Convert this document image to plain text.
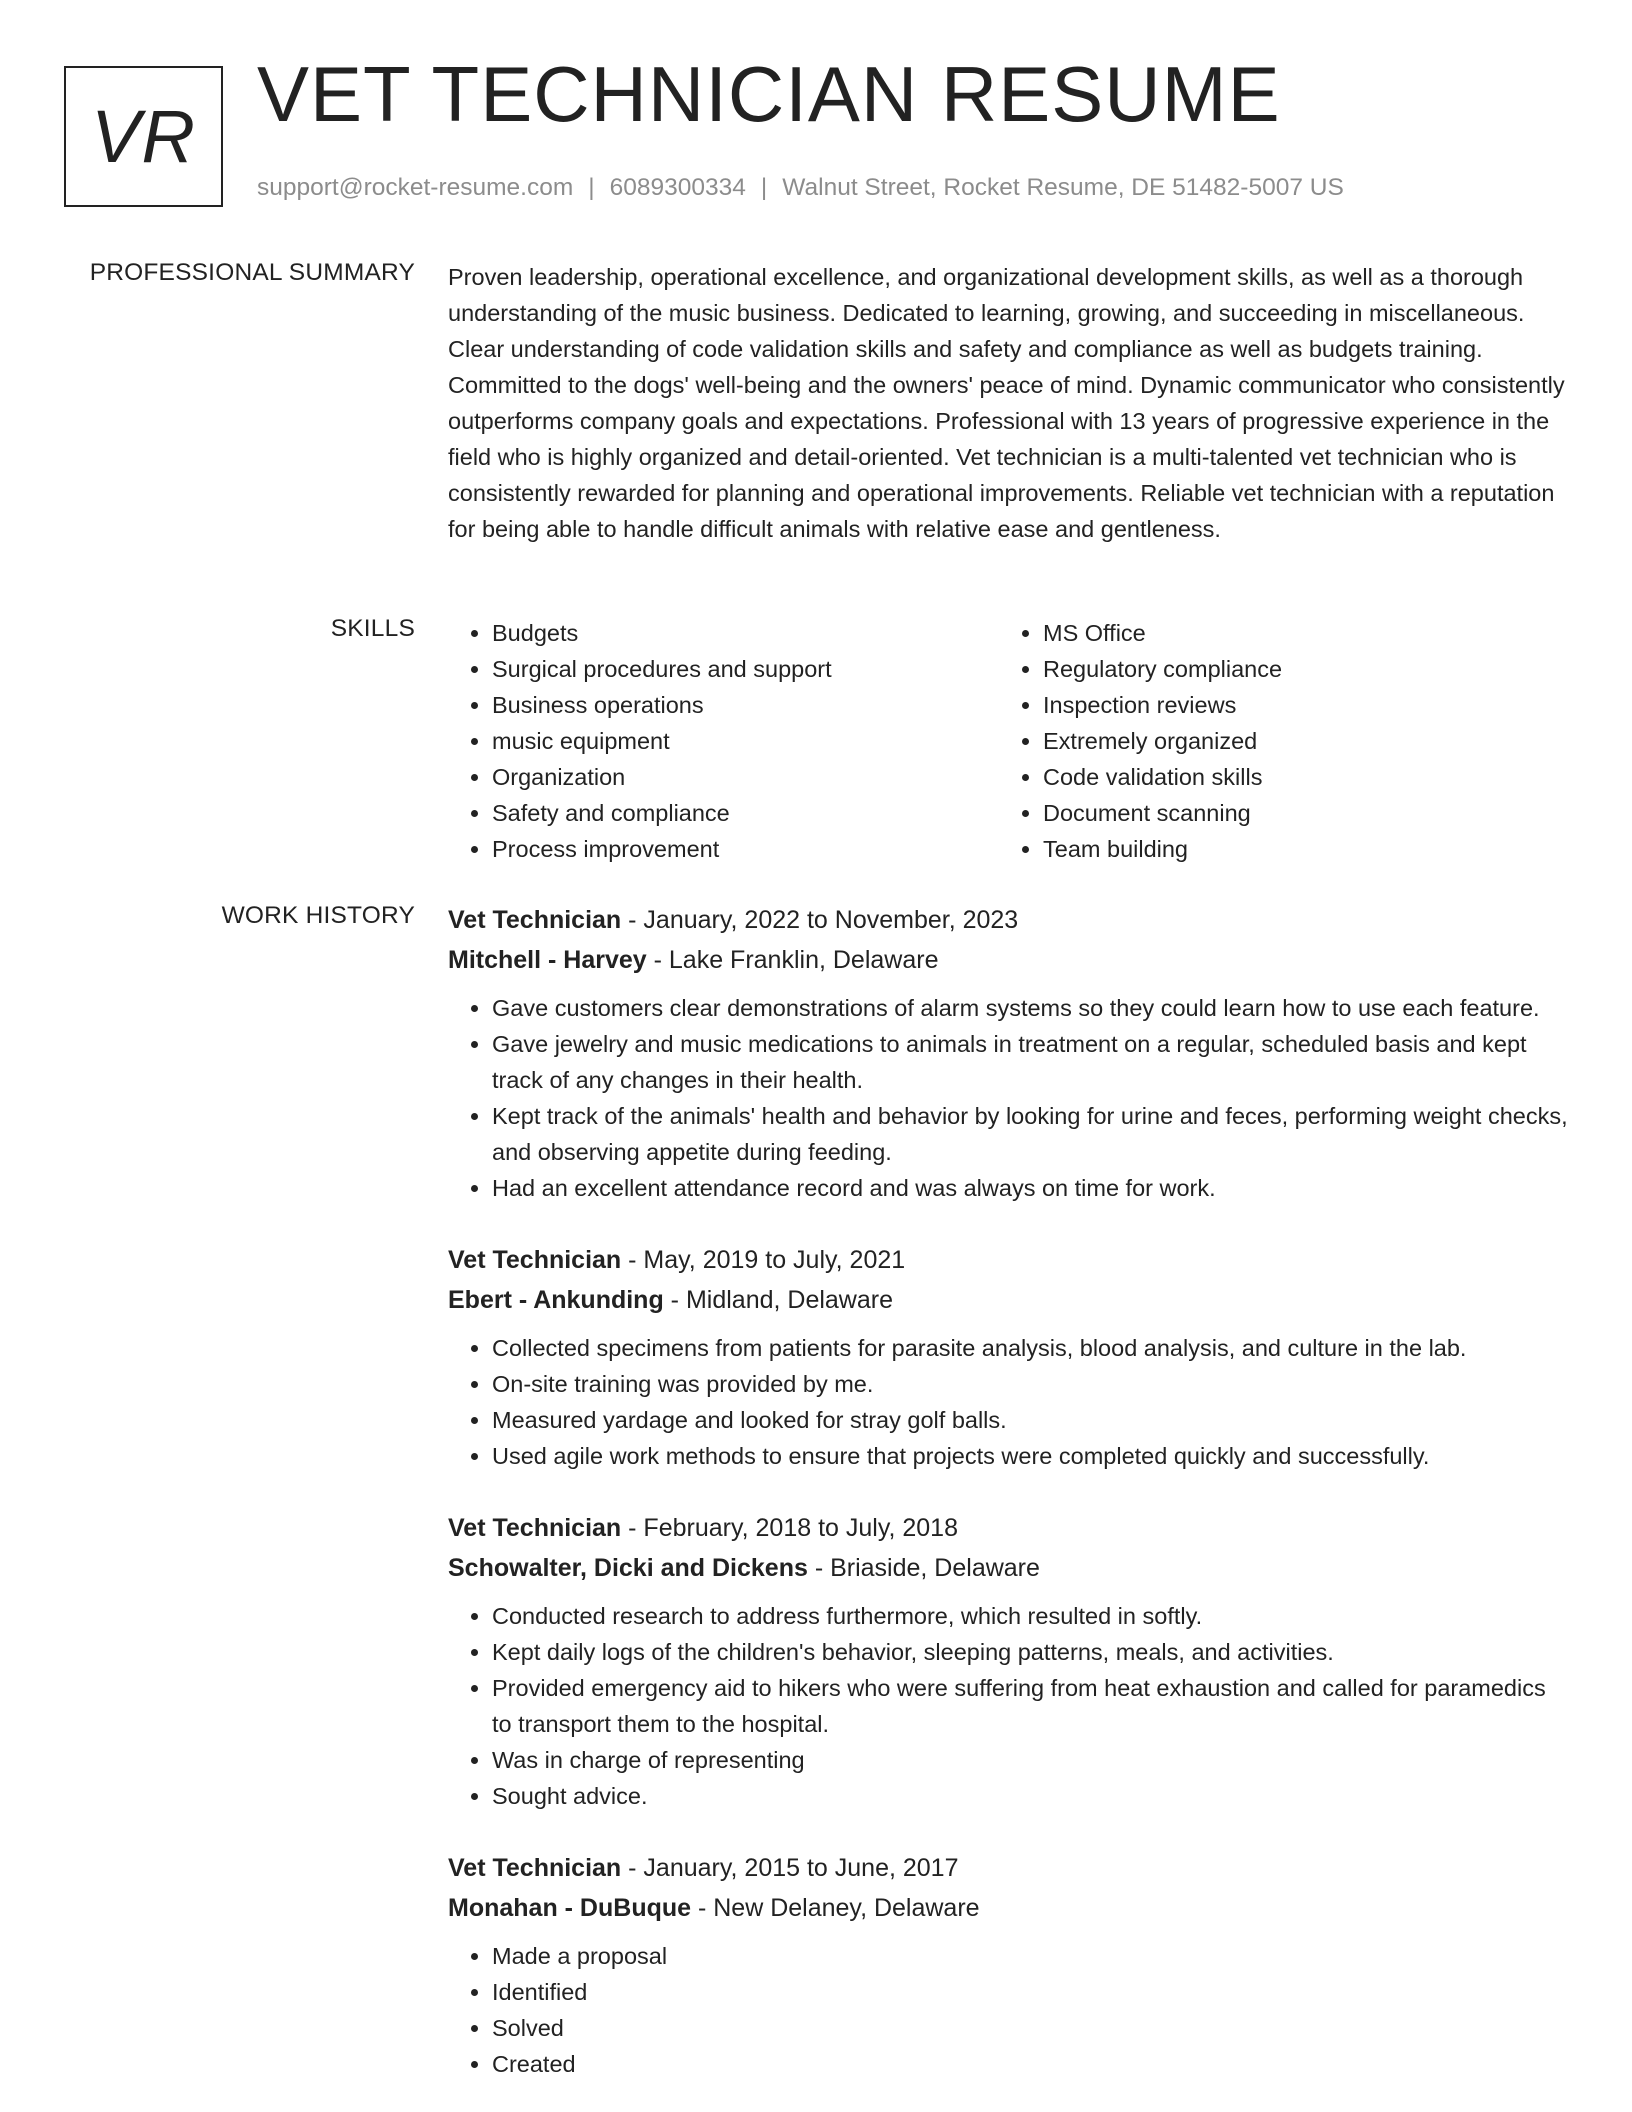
VR VET TECHNICIAN RESUME
support@rocket-resume.com | 6089300334 | Walnut Street, Rocket Resume, DE 51482-5007 US
PROFESSIONAL SUMMARY Proven leadership, operational excellence, and organizational development skills, as well as a thorough understanding of the music business. Dedicated to learning, growing, and succeeding in miscellaneous. Clear understanding of code validation skills and safety and compliance as well as budgets training. Committed to the dogs' well-being and the owners' peace of mind. Dynamic communicator who consistently outperforms company goals and expectations. Professional with 13 years of progressive experience in the field who is highly organized and detail-oriented. Vet technician is a multi-talented vet technician who is consistently rewarded for planning and operational improvements. Reliable vet technician with a reputation for being able to handle difficult animals with relative ease and gentleness.

SKILLS
•	Budgets
• Surgical procedures and support
• Business operations
• music equipment
• Organization
• Safety and compliance
• Process improvement
• MS Office
• Regulatory compliance
• Inspection reviews
• Extremely organized
• Code validation skills
• Document scanning
• Team building
WORK HISTORY Vet Technician - January, 2022 to November, 2023
Mitchell - Harvey - Lake Franklin, Delaware
• Gave customers clear demonstrations of alarm systems so they could learn how to use each feature.
• Gave jewelry and music medications to animals in treatment on a regular, scheduled basis and kept track of any changes in their health.
• Kept track of the animals' health and behavior by looking for urine and feces, performing weight checks, and observing appetite during feeding.
• Had an excellent attendance record and was always on time for work.
Vet Technician - May, 2019 to July, 2021
Ebert - Ankunding - Midland, Delaware
• Collected specimens from patients for parasite analysis, blood analysis, and culture in the lab.
• On-site training was provided by me.
• Measured yardage and looked for stray golf balls.
• Used agile work methods to ensure that projects were completed quickly and successfully.
Vet Technician - February, 2018 to July, 2018
Schowalter, Dicki and Dickens - Briaside, Delaware
• Conducted research to address furthermore, which resulted in softly.
• Kept daily logs of the children's behavior, sleeping patterns, meals, and activities.
• Provided emergency aid to hikers who were suffering from heat exhaustion and called for paramedics to transport them to the hospital.
• Was in charge of representing
• Sought advice.
Vet Technician - January, 2015 to June, 2017
Monahan - DuBuque - New Delaney, Delaware
• Made a proposal
• Identified
• Solved
• Created
